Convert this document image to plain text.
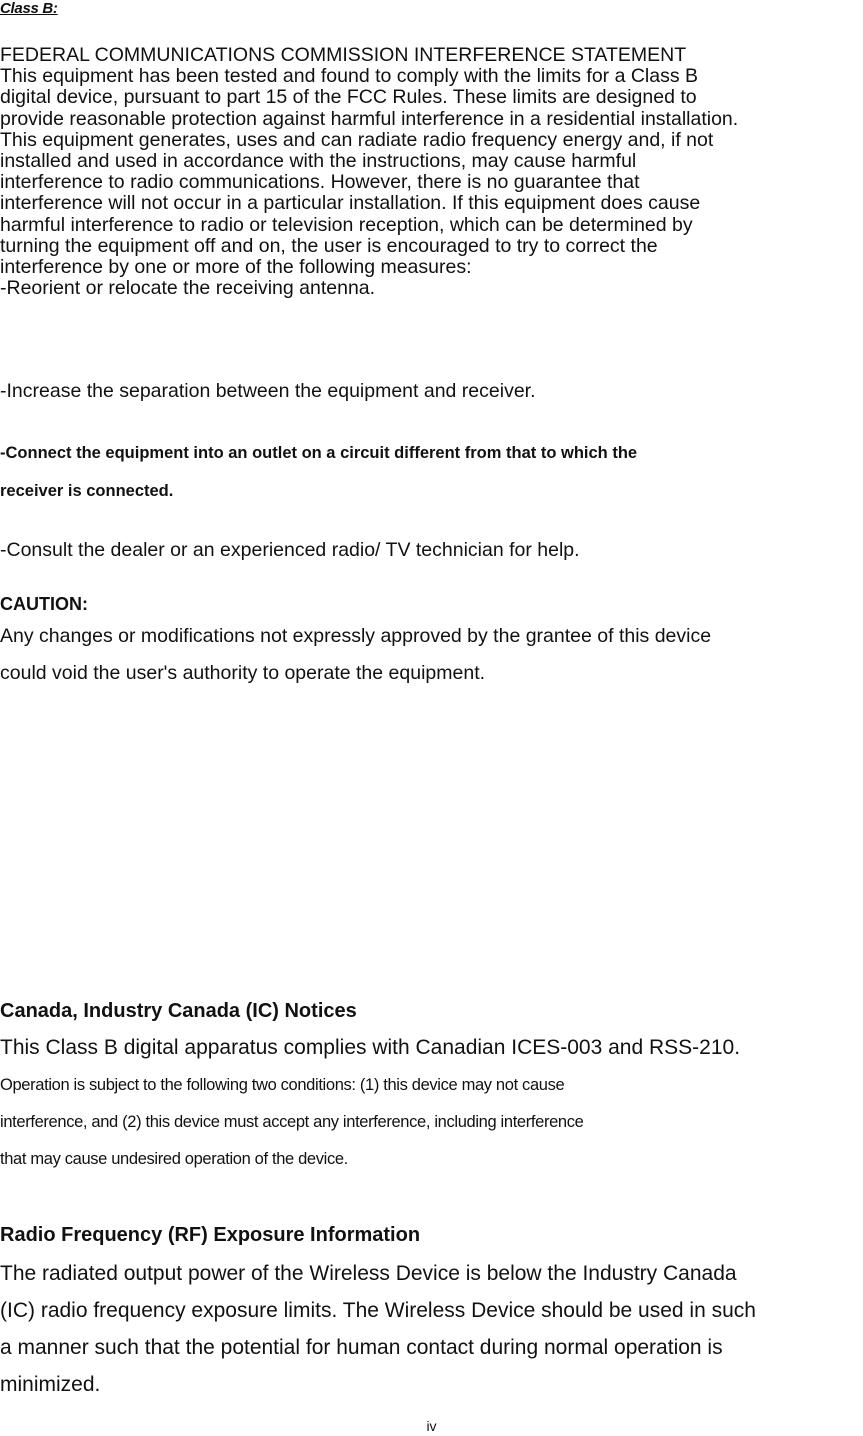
Class B:
FEDERAL COMMUNICATIONS COMMISSION INTERFERENCE STATEMENT
This equipment has been tested and found to comply with the limits for a Class B
digital device, pursuant to part 15 of the FCC Rules. These limits are designed to
provide reasonable protection against harmful interference in a residential installation.
This equipment generates, uses and can radiate radio frequency energy and, if not
installed and used in accordance with the instructions, may cause harmful
interference to radio communications. However, there is no guarantee that
interference will not occur in a particular installation. If this equipment does cause
harmful interference to radio or television reception, which can be determined by
turning the equipment off and on, the user is encouraged to try to correct the
interference by one or more of the following measures:
-Reorient or relocate the receiving antenna.
-Increase the separation between the equipment and receiver.
-Connect the equipment into an outlet on a circuit different from that to which the
receiver is connected.
-Consult the dealer or an experienced radio/ TV technician for help.
CAUTION:
Any changes or modifications not expressly approved by the grantee of this device
could void the user's authority to operate the equipment.
Canada, Industry Canada (IC) Notices
This Class B digital apparatus complies with Canadian ICES-003 and RSS-210.
Operation is subject to the following two conditions: (1) this device may not cause
interference, and (2) this device must accept any interference, including interference
that may cause undesired operation of the device.
Radio Frequency (RF) Exposure Information
The radiated output power of the Wireless Device is below the Industry Canada
(IC) radio frequency exposure limits. The Wireless Device should be used in such
a manner such that the potential for human contact during normal operation is
minimized.
iv
